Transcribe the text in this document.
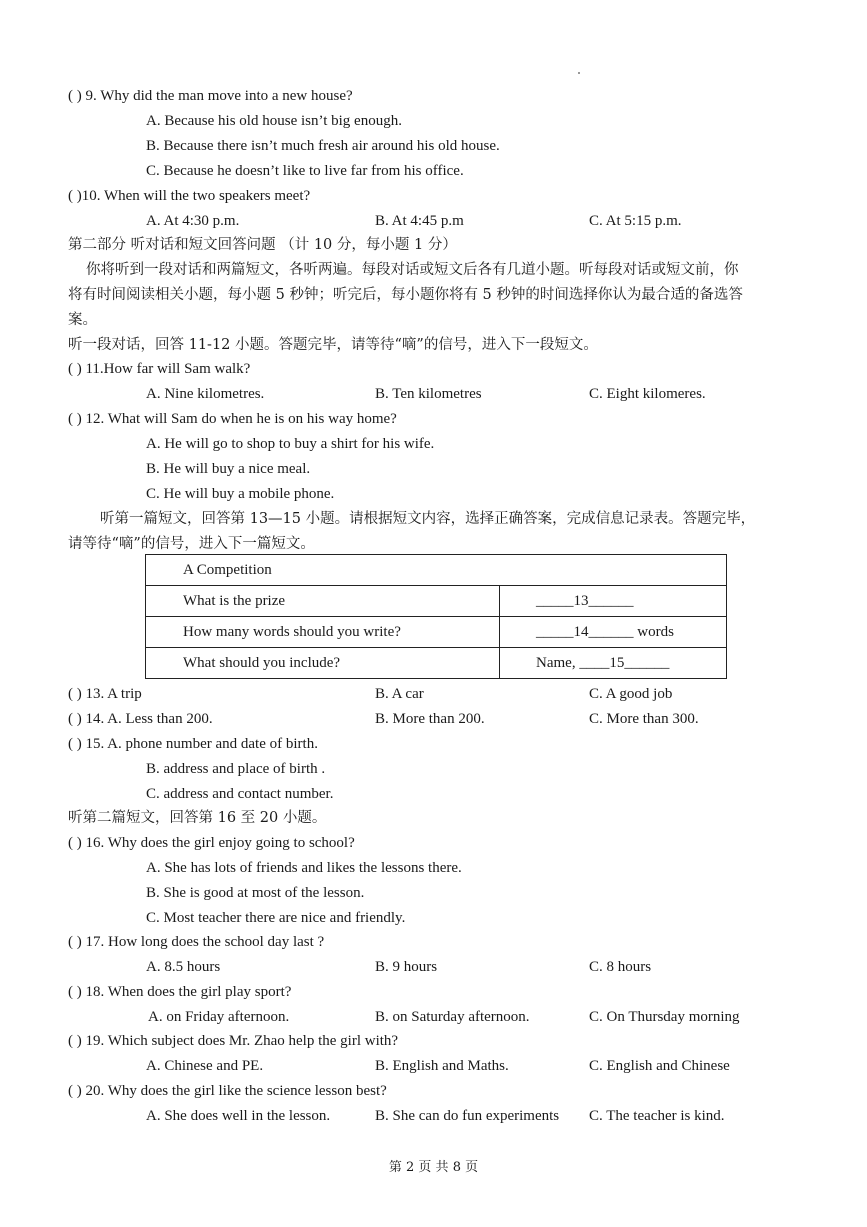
( ) 9. Why did the man move into a new house?
A. Because his old house isn’t big enough.
B. Because there isn’t much fresh air around his old house.
C. Because he doesn’t like to live far from his office.
( )10. When will the two speakers meet?
A. At 4:30 p.m.	B. At 4:45 p.m	C. At 5:15 p.m.
第二部分 听对话和短文回答问题 （计 10 分，每小题 1 分）
你将听到一段对话和两篇短文，各听两遍。每段对话或短文后各有几道小题。听每段对话或短文前，你
将有时间阅读相关小题，每小题 5 秒钟；听完后，每小题你将有 5 秒钟的时间选择你认为最合适的备选答
案。
听一段对话，回答 11-12 小题。答题完毕，请等待“嘀”的信号，进入下一段短文。
( ) 11.How far will Sam walk?
A. Nine kilometres.	B. Ten kilometres	C. Eight kilomeres.
( ) 12. What will Sam do when he is on his way home?
A. He will go to shop to buy a shirt for his wife.
B. He will buy a nice meal.
C. He will buy a mobile phone.
听第一篇短文，回答第 13—15 小题。请根据短文内容，选择正确答案，完成信息记录表。答题完毕，
请等待“嘀”的信号，进入下一篇短文。
A Competition	
What is the prize	_____13______
How many words should you write?	_____14______ words
What should you include?	Name, ____15______
( ) 13. A trip	B. A car	C. A good job
( ) 14. A. Less than 200.	B. More than 200.	C. More than 300.
( ) 15. A. phone number and date of birth.
B. address and place of birth .
C. address and contact number.
听第二篇短文，回答第 16 至 20 小题。
( ) 16. Why does the girl enjoy going to school?
A. She has lots of friends and likes the lessons there.
B. She is good at most of the lesson.
C. Most teacher there are nice and friendly.
( ) 17. How long does the school day last ?
A. 8.5 hours	B. 9 hours	C. 8 hours
( ) 18. When does the girl play sport?
A. on Friday afternoon.	B. on Saturday afternoon.	C. On Thursday morning
( ) 19. Which subject does Mr. Zhao help the girl with?
A. Chinese and PE.	B. English and Maths.	C. English and Chinese
( ) 20. Why does the girl like the science lesson best?
A. She does well in the lesson.	B. She can do fun experiments C. The teacher is kind.
第 2 页 共 8 页
